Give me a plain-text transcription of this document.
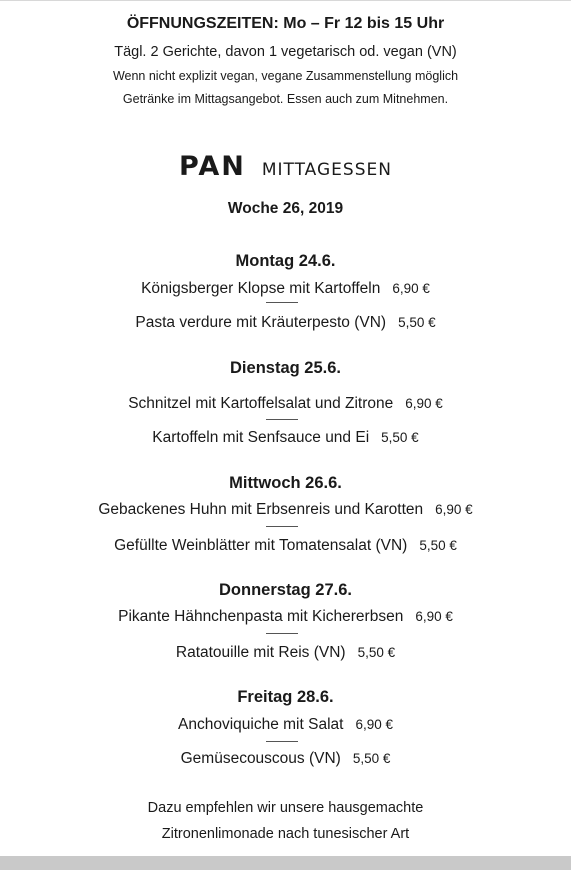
ÖFFNUNGSZEITEN: Mo – Fr 12 bis 15 Uhr
Tägl. 2 Gerichte, davon 1 vegetarisch od. vegan (VN)
Wenn nicht explizit vegan, vegane Zusammenstellung möglich
Getränke im Mittagsangebot. Essen auch zum Mitnehmen.
PAN MITTAGESSEN
Woche 26, 2019
Montag 24.6.
Königsberger Klopse mit Kartoffeln 6,90 €
Pasta verdure mit Kräuterpesto (VN) 5,50 €
Dienstag 25.6.
Schnitzel mit Kartoffelsalat und Zitrone 6,90 €
Kartoffeln mit Senfsauce und Ei 5,50 €
Mittwoch 26.6.
Gebackenes Huhn mit Erbsenreis und Karotten 6,90 €
Gefüllte Weinblätter mit Tomatensalat (VN) 5,50 €
Donnerstag 27.6.
Pikante Hähnchenpasta mit Kichererbsen 6,90 €
Ratatouille mit Reis (VN) 5,50 €
Freitag 28.6.
Anchoviquiche mit Salat 6,90 €
Gemüsecouscous (VN) 5,50 €
Dazu empfehlen wir unsere hausgemachte
Zitronenlimonade nach tunesischer Art
